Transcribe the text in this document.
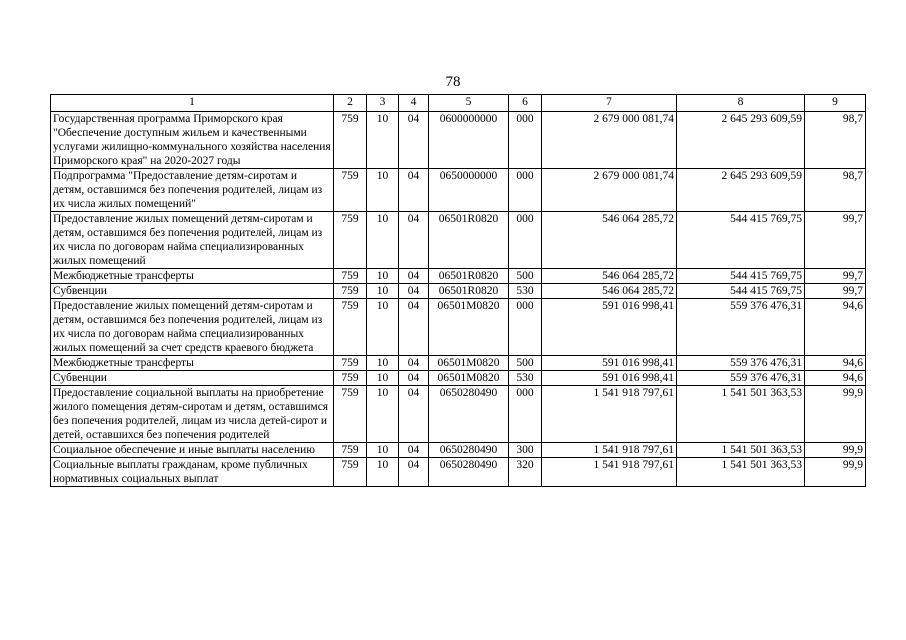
78
1	2	3	4	5	6	7	8	9
Государственная программа Приморского края "Обеспечение доступным жильем и качественными услугами жилищно-коммунального хозяйства населения Приморского края" на 2020-2027 годы	759	10	04	0600000000	000	2 679 000 081,74	2 645 293 609,59	98,7
Подпрограмма "Предоставление детям-сиротам и детям, оставшимся без попечения родителей, лицам из их числа жилых помещений"	759	10	04	0650000000	000	2 679 000 081,74	2 645 293 609,59	98,7
Предоставление жилых помещений детям-сиротам и детям, оставшимся без попечения родителей, лицам из их числа по договорам найма специализированных жилых помещений	759	10	04	06501R0820	000	546 064 285,72	544 415 769,75	99,7
Межбюджетные трансферты	759	10	04	06501R0820	500	546 064 285,72	544 415 769,75	99,7
Субвенции	759	10	04	06501R0820	530	546 064 285,72	544 415 769,75	99,7
Предоставление жилых помещений детям-сиротам и детям, оставшимся без попечения родителей, лицам из их числа по договорам найма специализированных жилых помещений за счет средств краевого бюджета	759	10	04	06501M0820	000	591 016 998,41	559 376 476,31	94,6
Межбюджетные трансферты	759	10	04	06501M0820	500	591 016 998,41	559 376 476,31	94,6
Субвенции	759	10	04	06501M0820	530	591 016 998,41	559 376 476,31	94,6
Предоставление социальной выплаты на приобретение жилого помещения детям-сиротам и детям, оставшимся без попечения родителей, лицам из числа детей-сирот и детей, оставшихся без попечения родителей	759	10	04	0650280490	000	1 541 918 797,61	1 541 501 363,53	99,9
Социальное обеспечение и иные выплаты населению	759	10	04	0650280490	300	1 541 918 797,61	1 541 501 363,53	99,9
Социальные выплаты гражданам, кроме публичных нормативных социальных выплат	759	10	04	0650280490	320	1 541 918 797,61	1 541 501 363,53	99,9
